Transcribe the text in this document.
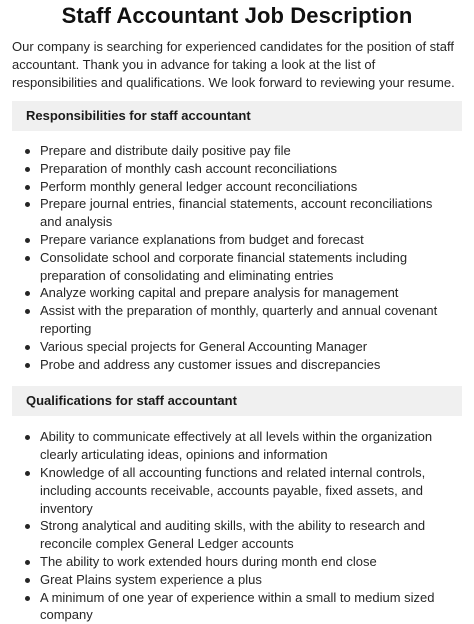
Staff Accountant Job Description

Our company is searching for experienced candidates for the position of staff accountant. Thank you in advance for taking a look at the list of responsibilities and qualifications. We look forward to reviewing your resume.

Responsibilities for staff accountant
Prepare and distribute daily positive pay file
Preparation of monthly cash account reconciliations
Perform monthly general ledger account reconciliations
Prepare journal entries, financial statements, account reconciliations and analysis
Prepare variance explanations from budget and forecast
Consolidate school and corporate financial statements including preparation of consolidating and eliminating entries
Analyze working capital and prepare analysis for management
Assist with the preparation of monthly, quarterly and annual covenant reporting
Various special projects for General Accounting Manager
Probe and address any customer issues and discrepancies
Qualifications for staff accountant
Ability to communicate effectively at all levels within the organization clearly articulating ideas, opinions and information
Knowledge of all accounting functions and related internal controls, including accounts receivable, accounts payable, fixed assets, and inventory
Strong analytical and auditing skills, with the ability to research and reconcile complex General Ledger accounts
The ability to work extended hours during month end close
Great Plains system experience a plus
A minimum of one year of experience within a small to medium sized company
